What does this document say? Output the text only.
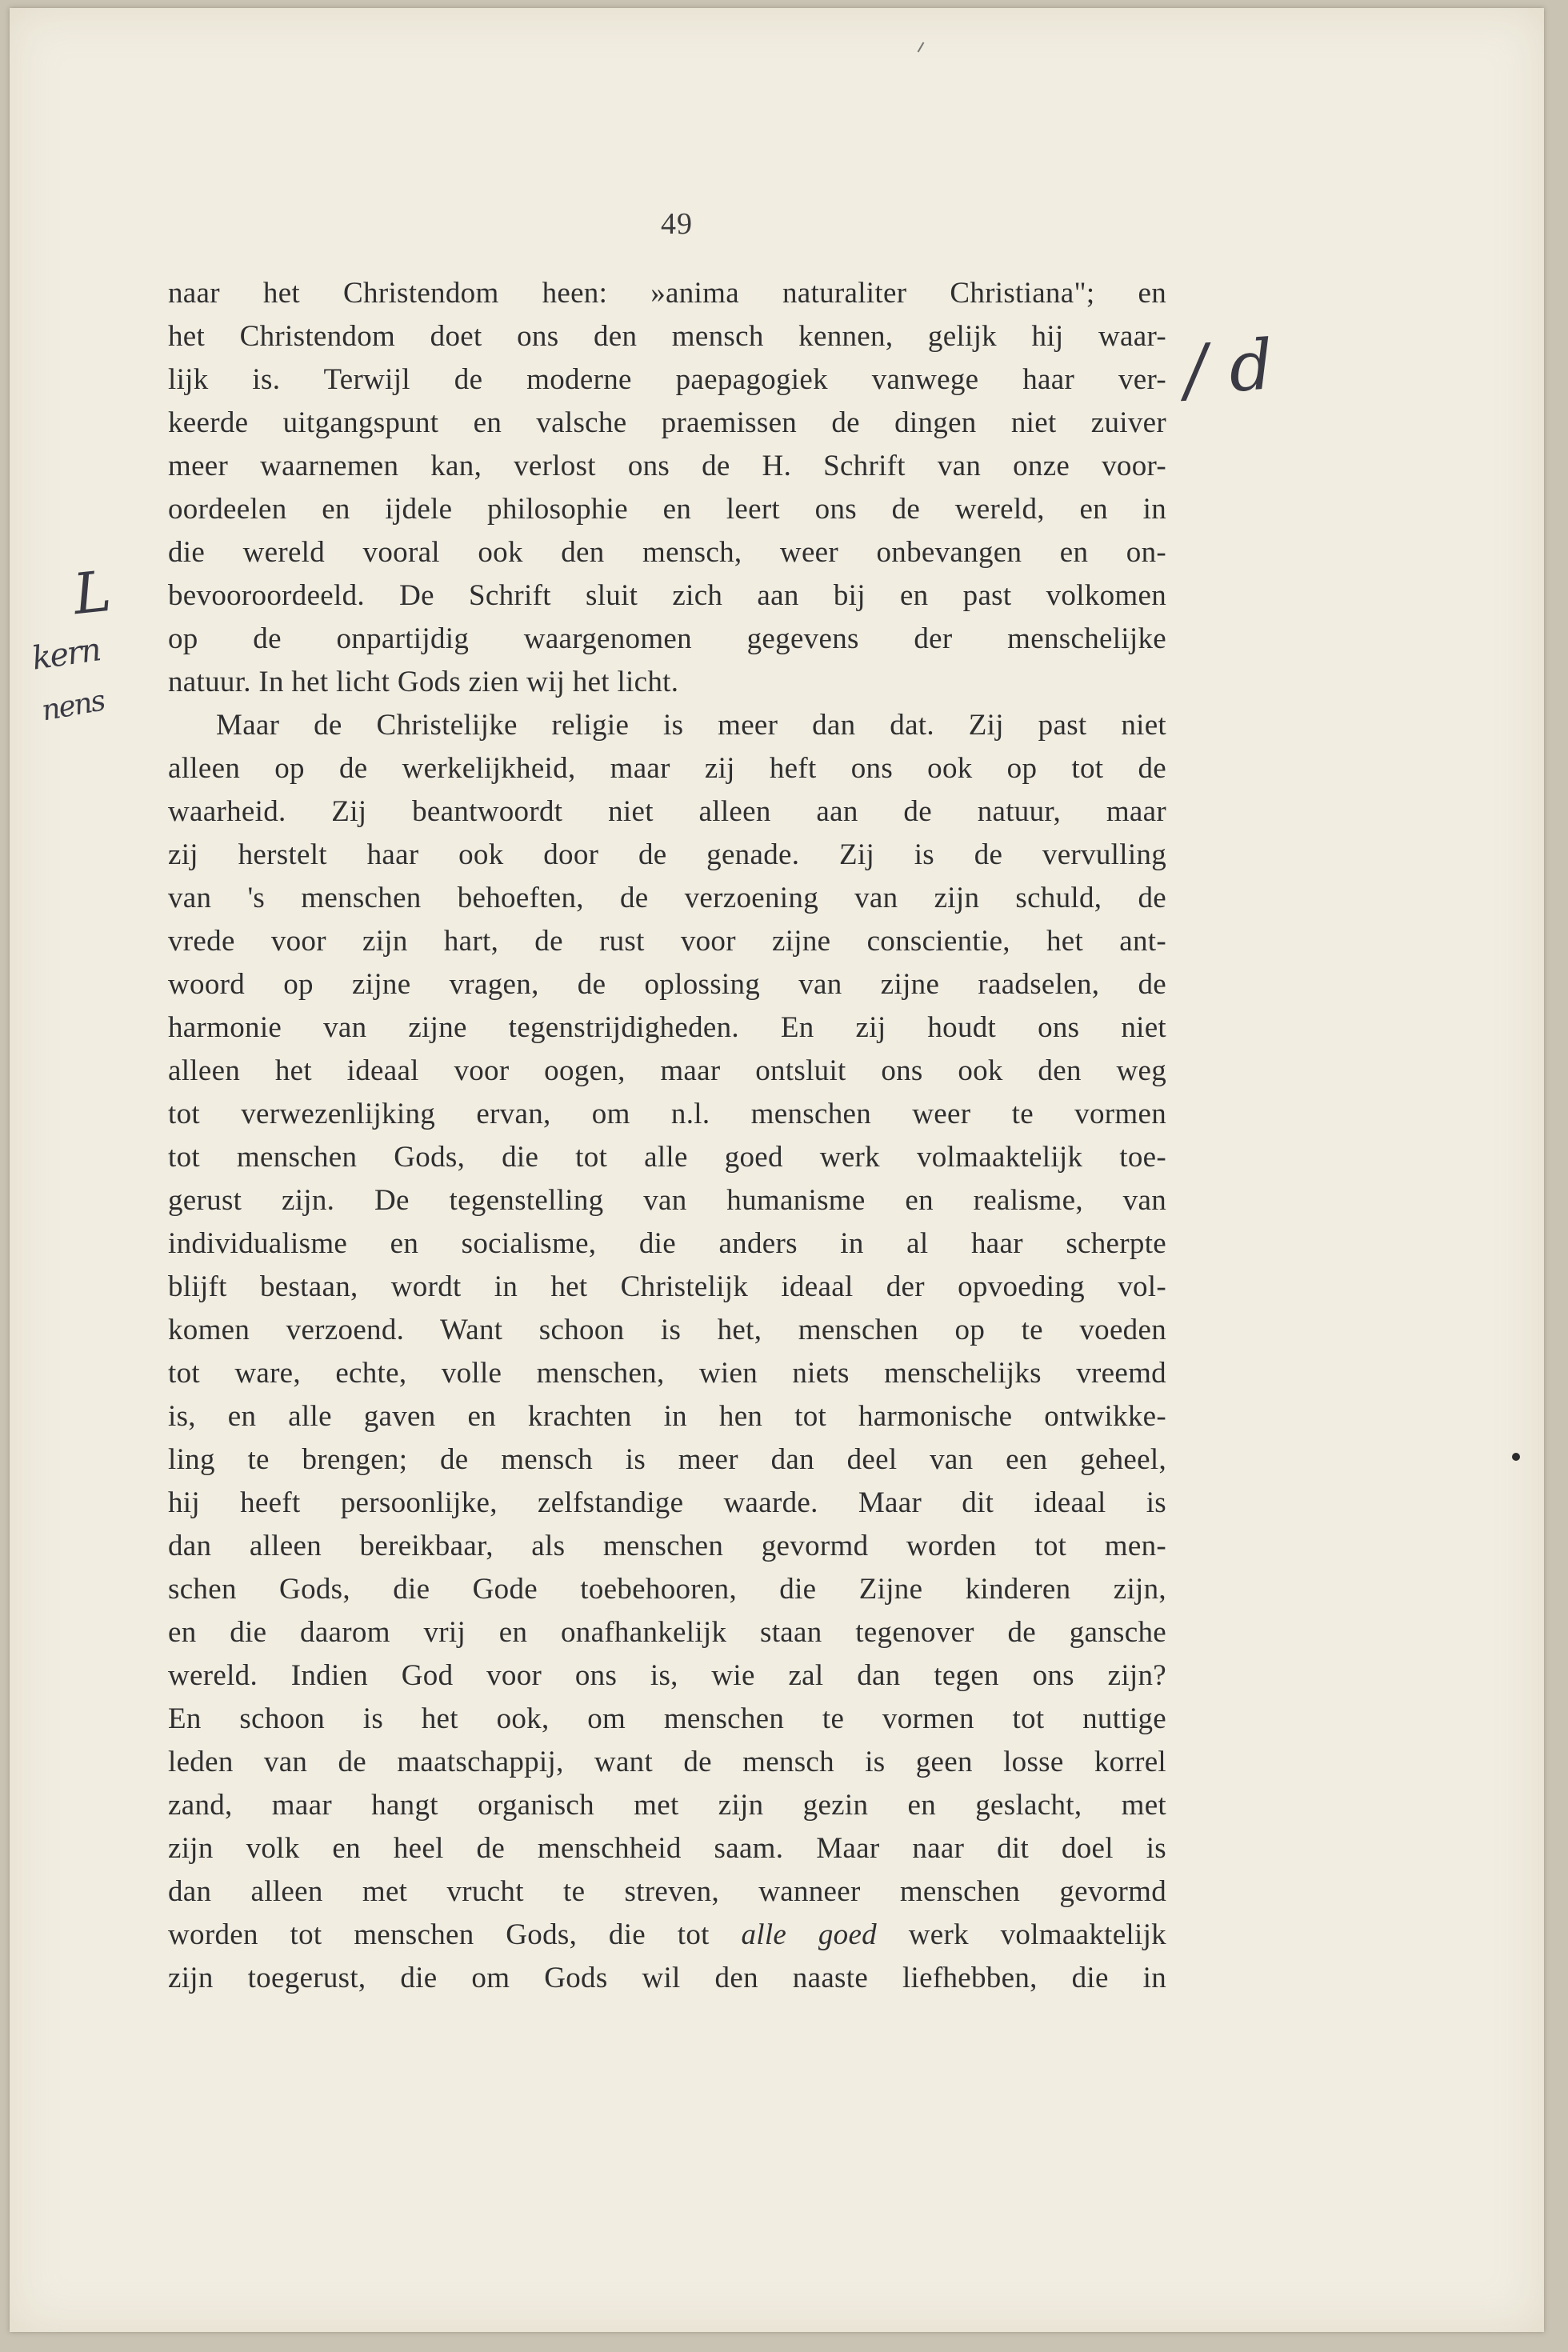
49
/ d
L
kern
nens
naar het Christendom heen: »anima naturaliter Christiana"; en
het Christendom doet ons den mensch kennen, gelijk hij waar-
lijk is. Terwijl de moderne paepagogiek vanwege haar ver-
keerde uitgangspunt en valsche praemissen de dingen niet zuiver
meer waarnemen kan, verlost ons de H. Schrift van onze voor-
oordeelen en ijdele philosophie en leert ons de wereld, en in
die wereld vooral ook den mensch, weer onbevangen en on-
bevooroordeeld. De Schrift sluit zich aan bij en past volkomen
op de onpartijdig waargenomen gegevens der menschelijke
natuur. In het licht Gods zien wij het licht.
Maar de Christelijke religie is meer dan dat. Zij past niet
alleen op de werkelijkheid, maar zij heft ons ook op tot de
waarheid. Zij beantwoordt niet alleen aan de natuur, maar
zij herstelt haar ook door de genade. Zij is de vervulling
van 's menschen behoeften, de verzoening van zijn schuld, de
vrede voor zijn hart, de rust voor zijne conscientie, het ant-
woord op zijne vragen, de oplossing van zijne raadselen, de
harmonie van zijne tegenstrijdigheden. En zij houdt ons niet
alleen het ideaal voor oogen, maar ontsluit ons ook den weg
tot verwezenlijking ervan, om n.l. menschen weer te vormen
tot menschen Gods, die tot alle goed werk volmaaktelijk toe-
gerust zijn. De tegenstelling van humanisme en realisme, van
individualisme en socialisme, die anders in al haar scherpte
blijft bestaan, wordt in het Christelijk ideaal der opvoeding vol-
komen verzoend. Want schoon is het, menschen op te voeden
tot ware, echte, volle menschen, wien niets menschelijks vreemd
is, en alle gaven en krachten in hen tot harmonische ontwikke-
ling te brengen; de mensch is meer dan deel van een geheel,
hij heeft persoonlijke, zelfstandige waarde. Maar dit ideaal is
dan alleen bereikbaar, als menschen gevormd worden tot men-
schen Gods, die Gode toebehooren, die Zijne kinderen zijn,
en die daarom vrij en onafhankelijk staan tegenover de gansche
wereld. Indien God voor ons is, wie zal dan tegen ons zijn?
En schoon is het ook, om menschen te vormen tot nuttige
leden van de maatschappij, want de mensch is geen losse korrel
zand, maar hangt organisch met zijn gezin en geslacht, met
zijn volk en heel de menschheid saam. Maar naar dit doel is
dan alleen met vrucht te streven, wanneer menschen gevormd
worden tot menschen Gods, die tot alle goed werk volmaaktelijk
zijn toegerust, die om Gods wil den naaste liefhebben, die in
